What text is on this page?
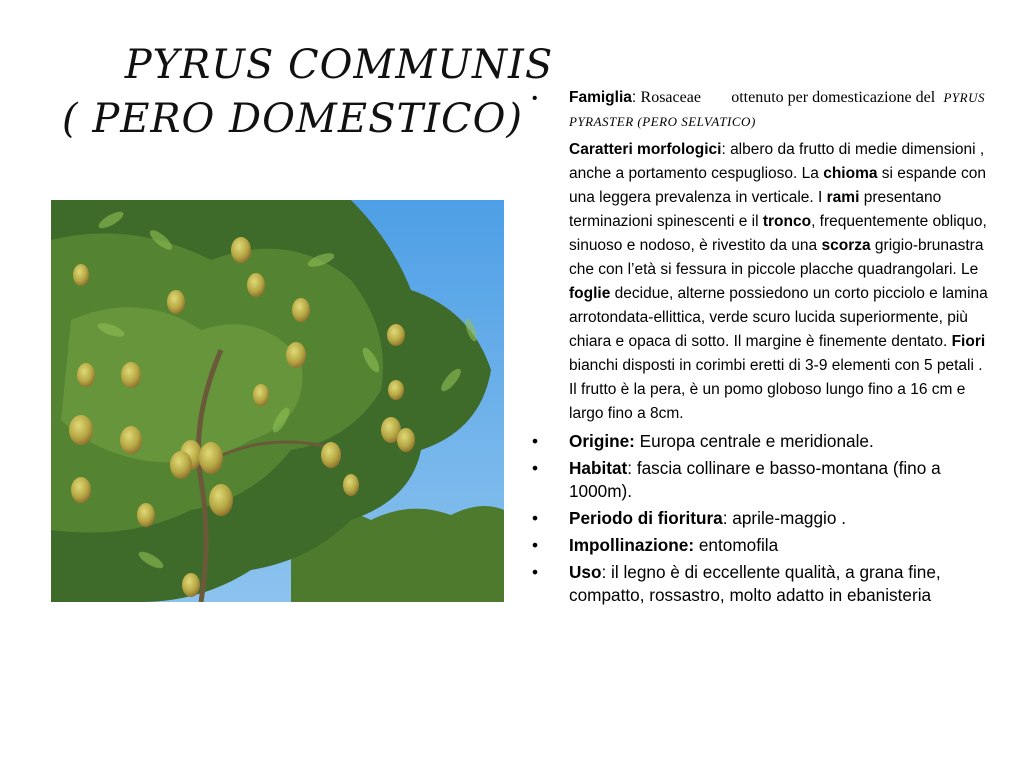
PYRUS COMMUNIS
( PERO DOMESTICO) • Famiglia: Rosaceae ottenuto per domesticazione del PYRUS PYRASTER (PERO SELVATICO)
Caratteri morfologici: albero da frutto di medie dimensioni , anche a portamento cespuglioso. La chioma si espande con una leggera prevalenza in verticale. I rami presentano terminazioni spinescenti e il tronco, frequentemente obliquo, sinuoso e nodoso, è rivestito da una scorza grigio-brunastra che con l’età si fessura in piccole placche quadrangolari. Le foglie decidue, alterne possiedono un corto picciolo e lamina arrotondata-ellittica, verde scuro lucida superiormente, più chiara e opaca di sotto. Il margine è finemente dentato. Fiori bianchi disposti in corimbi eretti di 3-9 elementi con 5 petali . Il frutto è la pera, è un pomo globoso lungo fino a 16 cm e largo fino a 8cm.
• Origine: Europa centrale e meridionale.
• Habitat: fascia collinare e basso-montana (fino a 1000m).
• Periodo di fioritura: aprile-maggio .
• Impollinazione: entomofila
• Uso: il legno è di eccellente qualità, a grana fine, compatto, rossastro, molto adatto in ebanisteria
